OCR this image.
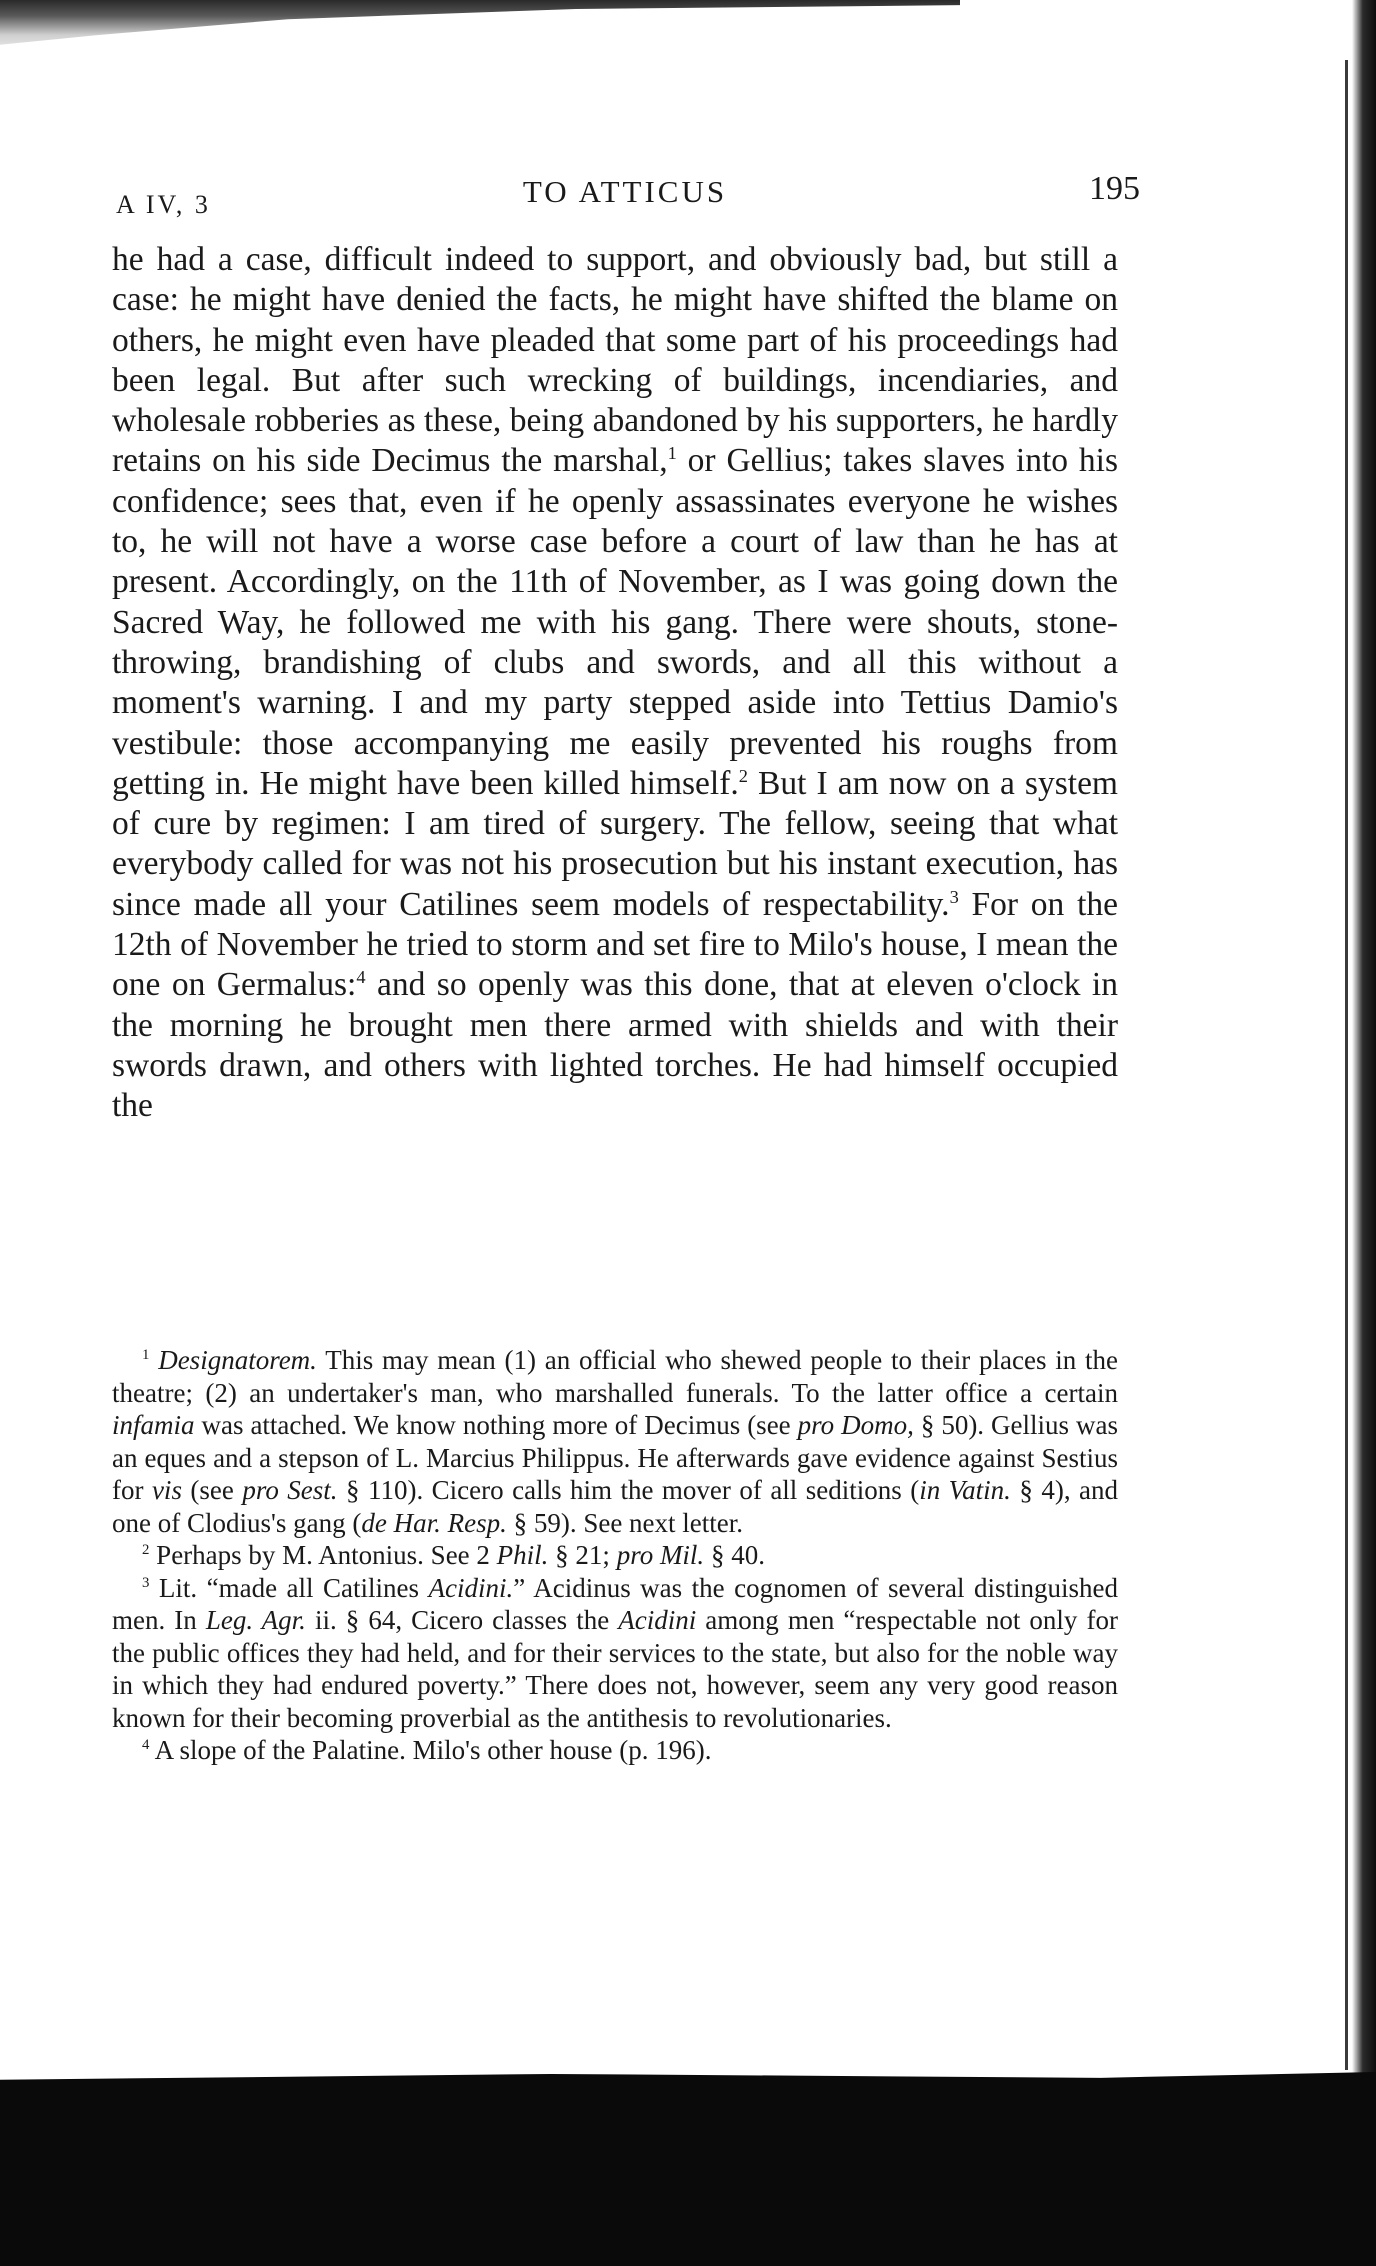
A IV, 3	TO ATTICUS	195

he had a case, difficult indeed to support, and obviously bad, but still a case: he might have denied the facts, he might have shifted the blame on others, he might even have pleaded that some part of his proceedings had been legal. But after such wrecking of buildings, incendiaries, and wholesale robberies as these, being abandoned by his supporters, he hardly retains on his side Decimus the marshal,$^1$ or Gellius; takes slaves into his confidence; sees that, even if he openly assassinates everyone he wishes to, he will not have a worse case before a court of law than he has at present. Accordingly, on the 11th of November, as I was going down the Sacred Way, he followed me with his gang. There were shouts, stone-throwing, brandishing of clubs and swords, and all this without a moment's warning. I and my party stepped aside into Tettius Damio's vestibule: those accompanying me easily prevented his roughs from getting in. He might have been killed himself.$^2$ But I am now on a system of cure by regimen: I am tired of surgery. The fellow, seeing that what everybody called for was not his prosecution but his instant execution, has since made all your Catilines seem models of respectability.$^3$ For on the 12th of November he tried to storm and set fire to Milo's house, I mean the one on Germalus:$^4$ and so openly was this done, that at eleven o'clock in the morning he brought men there armed with shields and with their swords drawn, and others with lighted torches. He had himself occupied the

$^1$ Designatorem. This may mean (1) an official who shewed people to their places in the theatre; (2) an undertaker's man, who marshalled funerals. To the latter office a certain infamia was attached. We know nothing more of Decimus (see pro Domo, § 50). Gellius was an eques and a stepson of L. Marcius Philippus. He afterwards gave evidence against Sestius for vis (see pro Sest. § 110). Cicero calls him the mover of all seditions (in Vatin. § 4), and one of Clodius's gang (de Har. Resp. § 59). See next letter.

$^2$ Perhaps by M. Antonius. See 2 Phil. § 21; pro Mil. § 40.

$^3$ Lit. “made all Catilines Acidini.” Acidinus was the cognomen of several distinguished men. In Leg. Agr. ii. § 64, Cicero classes the Acidini among men “respectable not only for the public offices they had held, and for their services to the state, but also for the noble way in which they had endured poverty.” There does not, however, seem any very good reason known for their becoming proverbial as the antithesis to revolutionaries.

$^4$ A slope of the Palatine. Milo's other house (p. 196).
